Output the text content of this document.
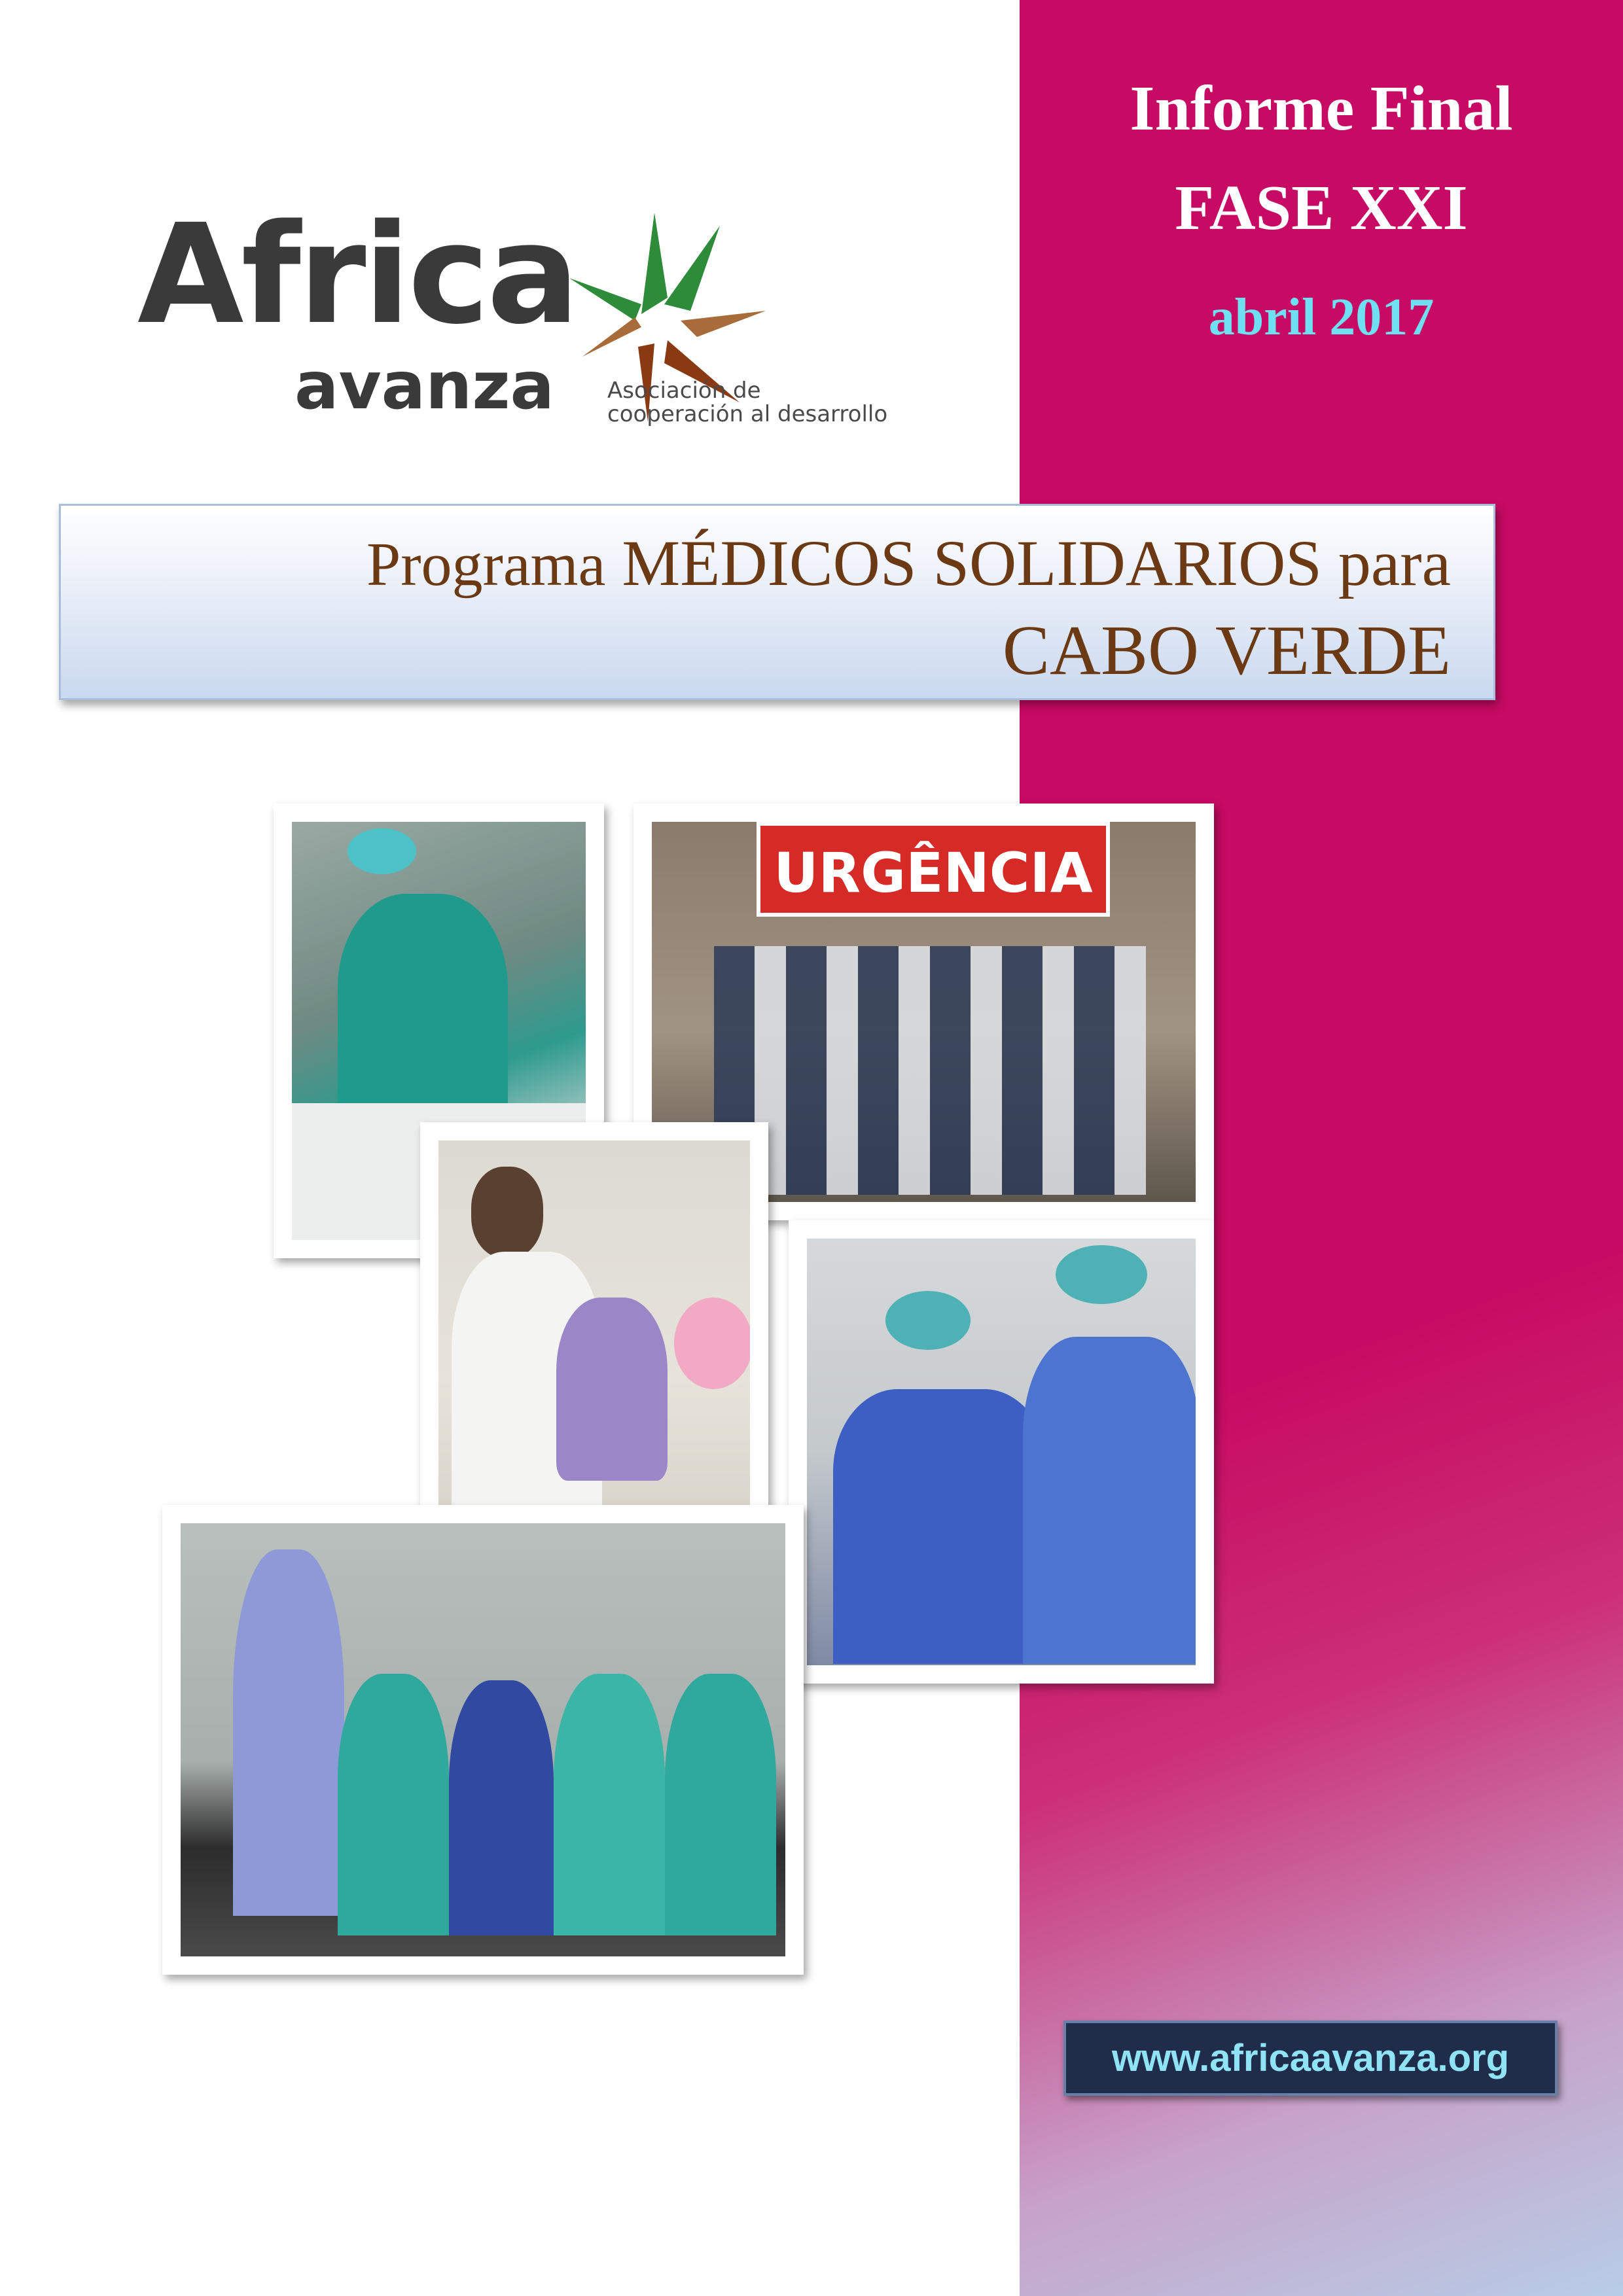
Informe Final
FASE XXI
abril 2017
Africa
avanza Asociación de
cooperación al desarrollo
Programa MÉDICOS SOLIDARIOS para
CABO VERDE
URGÊNCIA
www.africaavanza.org
